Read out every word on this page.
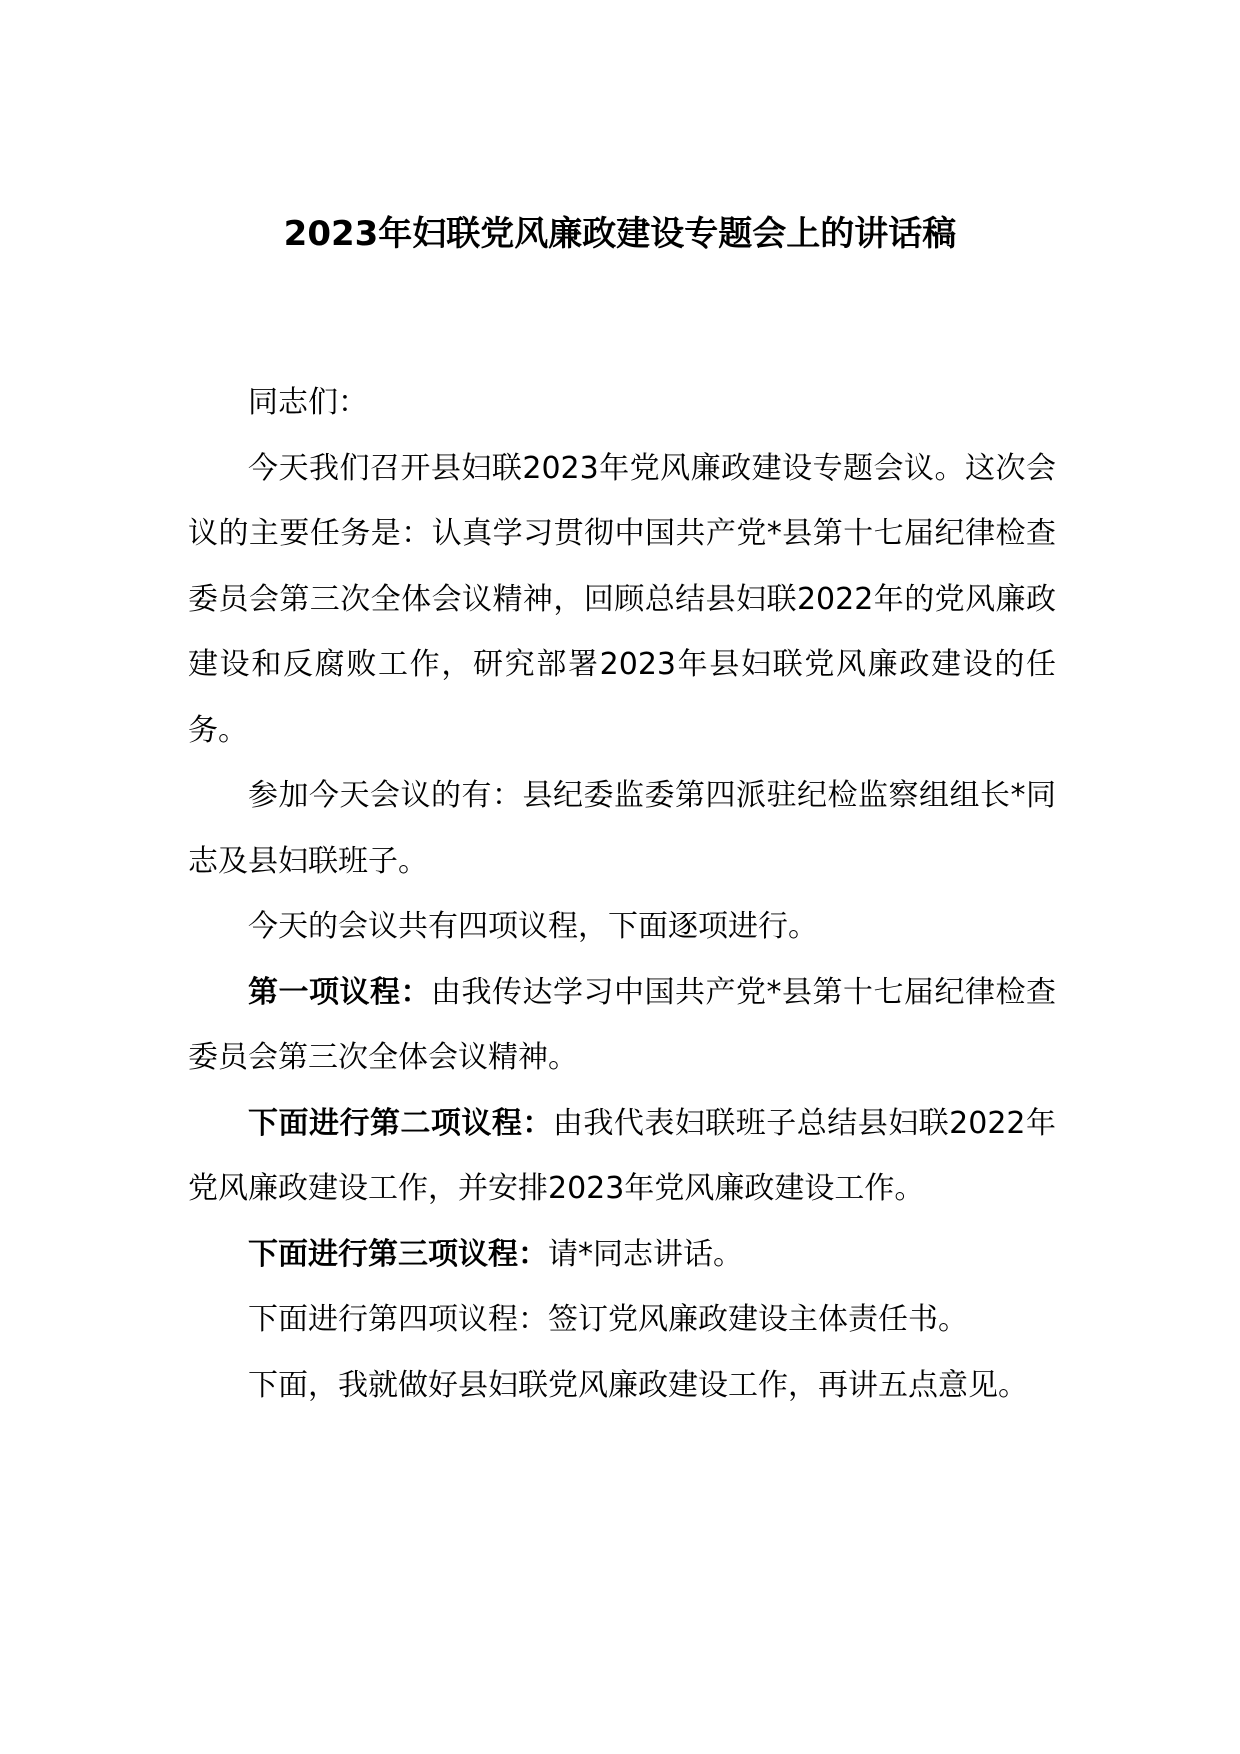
2023年妇联党风廉政建设专题会上的讲话稿

同志们：

今天我们召开县妇联2023年党风廉政建设专题会议。这次会议的主要任务是：认真学习贯彻中国共产党*县第十七届纪律检查委员会第三次全体会议精神，回顾总结县妇联2022年的党风廉政建设和反腐败工作，研究部署2023年县妇联党风廉政建设的任务。

参加今天会议的有：县纪委监委第四派驻纪检监察组组长*同志及县妇联班子。

今天的会议共有四项议程，下面逐项进行。

第一项议程：由我传达学习中国共产党*县第十七届纪律检查委员会第三次全体会议精神。

下面进行第二项议程：由我代表妇联班子总结县妇联2022年党风廉政建设工作，并安排2023年党风廉政建设工作。

下面进行第三项议程：请*同志讲话。

下面进行第四项议程：签订党风廉政建设主体责任书。

下面，我就做好县妇联党风廉政建设工作，再讲五点意见。
